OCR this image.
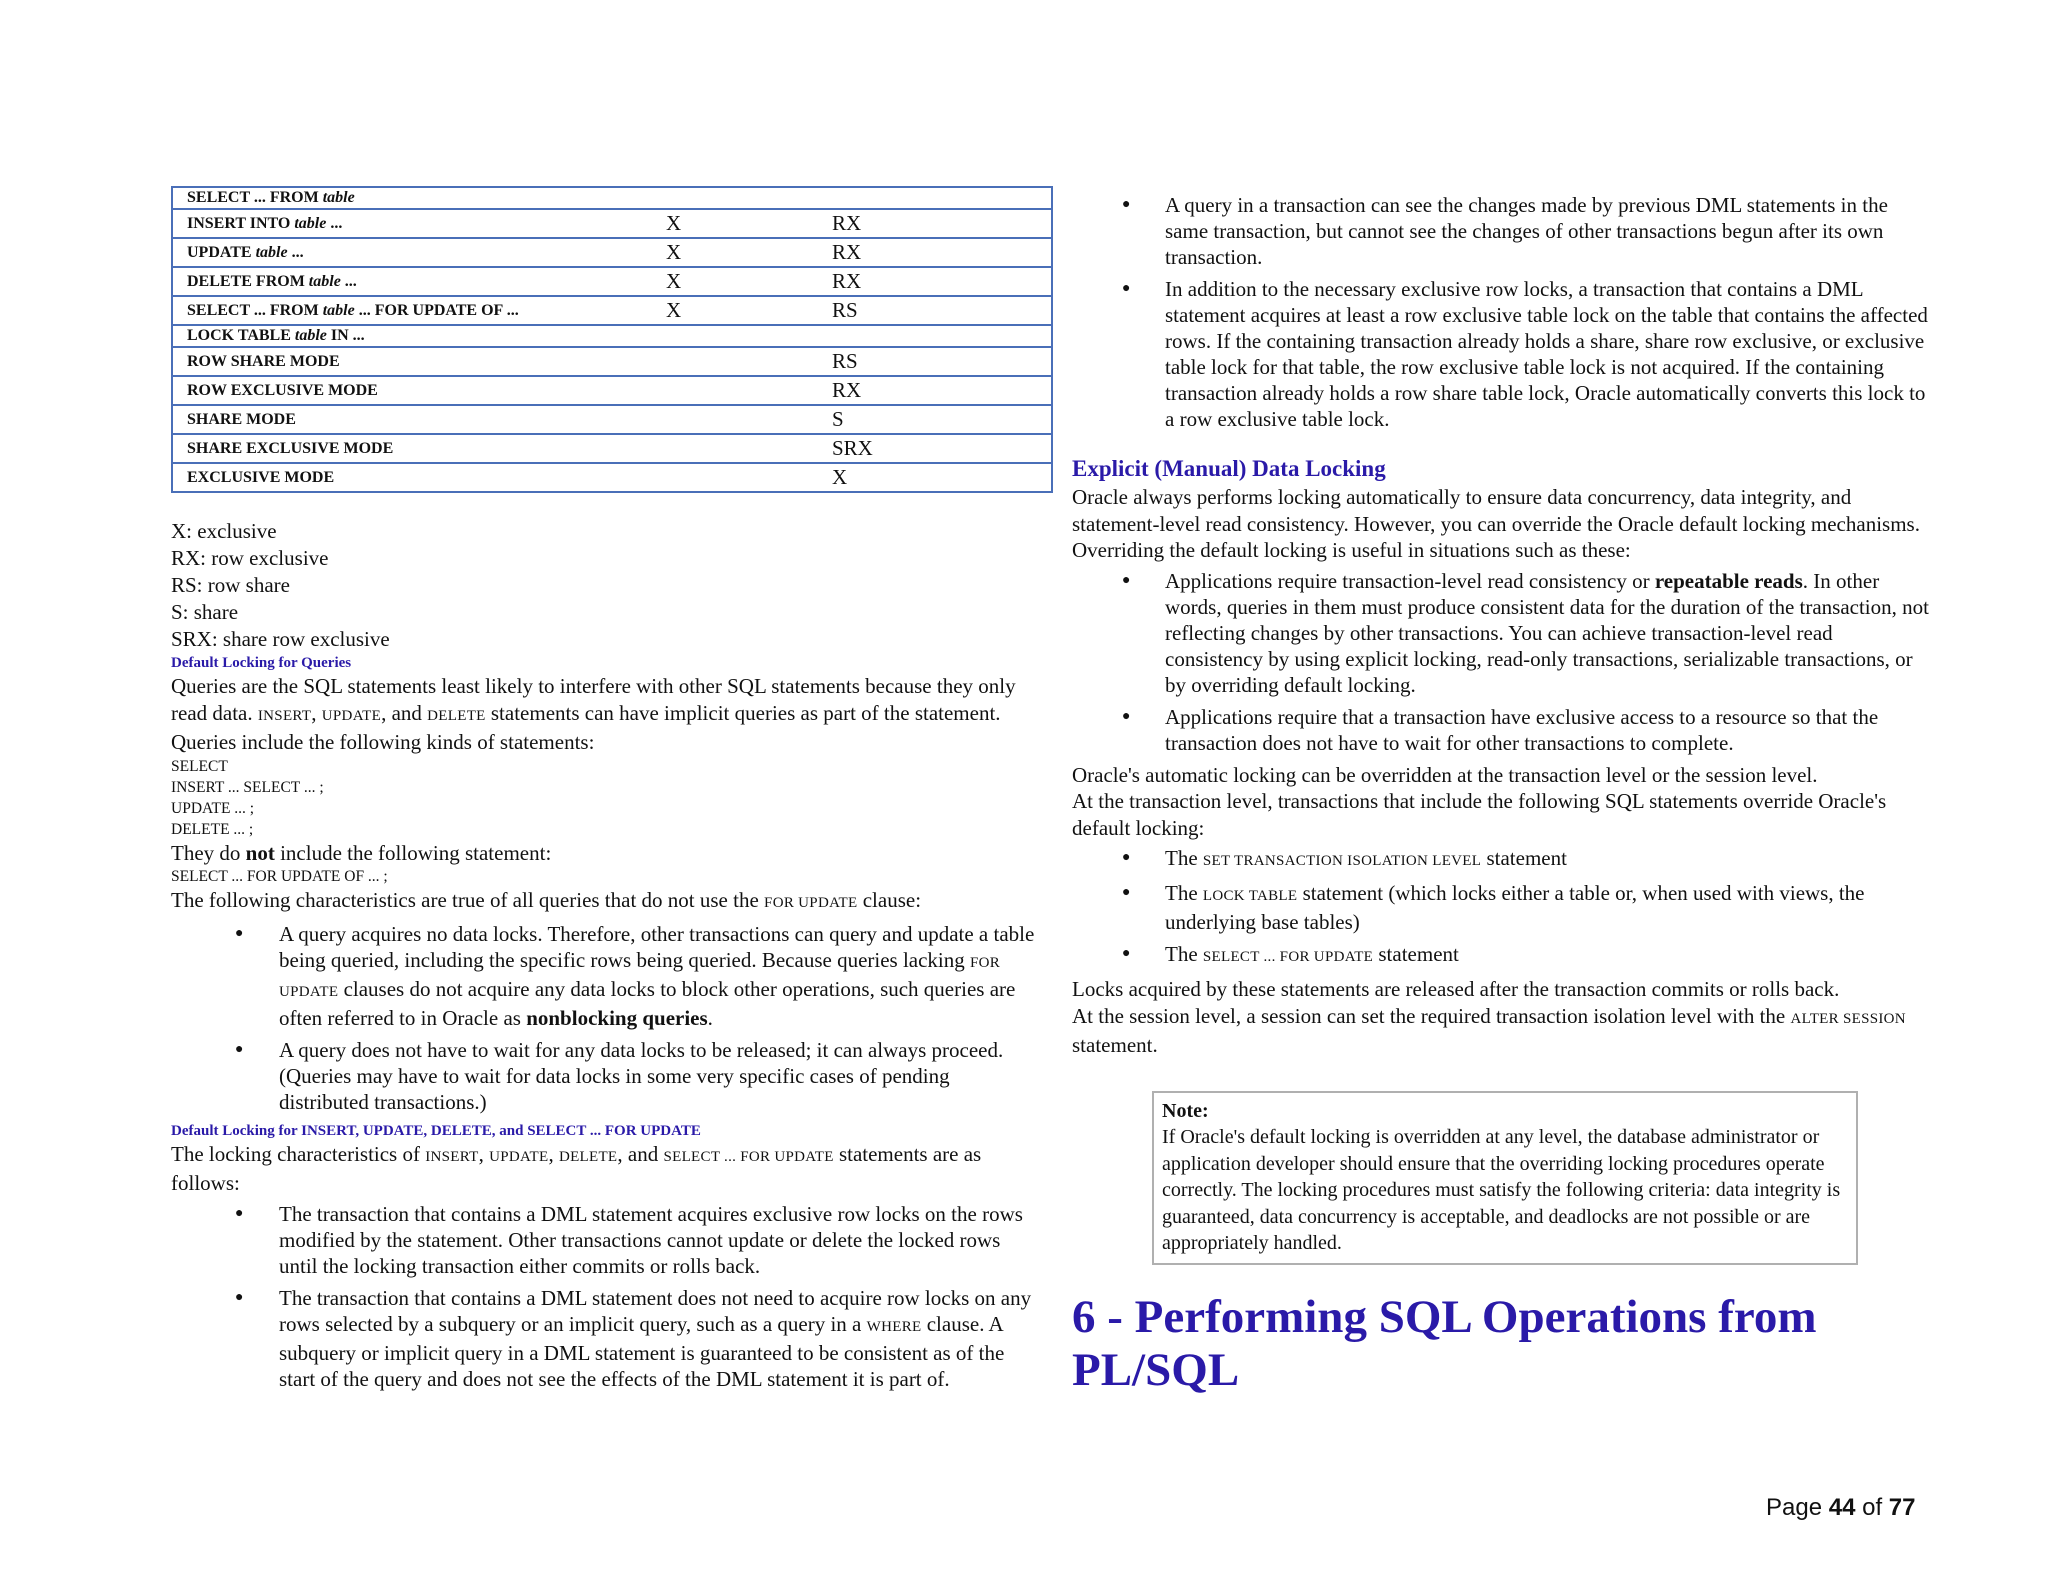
SELECT ... FROM table		
INSERT INTO table ...	X	RX
UPDATE table ...	X	RX
DELETE FROM table ...	X	RX
SELECT ... FROM table ... FOR UPDATE OF ...	X	RS
LOCK TABLE table IN ...		
ROW SHARE MODE		RS
ROW EXCLUSIVE MODE		RX
SHARE MODE		S
SHARE EXCLUSIVE MODE		SRX
EXCLUSIVE MODE		X
X: exclusive
RX: row exclusive
RS: row share
S: share
SRX: share row exclusive
Default Locking for Queries

Queries are the SQL statements least likely to interfere with other SQL statements because they only read data. INSERT, UPDATE, and DELETE statements can have implicit queries as part of the statement. Queries include the following kinds of statements:

SELECT
INSERT ... SELECT ... ;
UPDATE ... ;
DELETE ... ;

They do not include the following statement:

SELECT ... FOR UPDATE OF ... ;

The following characteristics are true of all queries that do not use the FOR UPDATE clause:

● A query acquires no data locks. Therefore, other transactions can query and update a table being queried, including the specific rows being queried. Because queries lacking FOR UPDATE clauses do not acquire any data locks to block other operations, such queries are often referred to in Oracle as nonblocking queries.
● A query does not have to wait for any data locks to be released; it can always proceed. (Queries may have to wait for data locks in some very specific cases of pending distributed transactions.)
Default Locking for INSERT, UPDATE, DELETE, and SELECT ... FOR UPDATE

The locking characteristics of INSERT, UPDATE, DELETE, and SELECT ... FOR UPDATE statements are as follows:

● The transaction that contains a DML statement acquires exclusive row locks on the rows modified by the statement. Other transactions cannot update or delete the locked rows until the locking transaction either commits or rolls back.
● The transaction that contains a DML statement does not need to acquire row locks on any rows selected by a subquery or an implicit query, such as a query in a WHERE clause. A subquery or implicit query in a DML statement is guaranteed to be consistent as of the start of the query and does not see the effects of the DML statement it is part of.
● A query in a transaction can see the changes made by previous DML statements in the same transaction, but cannot see the changes of other transactions begun after its own transaction.
● In addition to the necessary exclusive row locks, a transaction that contains a DML statement acquires at least a row exclusive table lock on the table that contains the affected rows. If the containing transaction already holds a share, share row exclusive, or exclusive table lock for that table, the row exclusive table lock is not acquired. If the containing transaction already holds a row share table lock, Oracle automatically converts this lock to a row exclusive table lock.
Explicit (Manual) Data Locking

Oracle always performs locking automatically to ensure data concurrency, data integrity, and statement-level read consistency. However, you can override the Oracle default locking mechanisms. Overriding the default locking is useful in situations such as these:

● Applications require transaction-level read consistency or repeatable reads. In other words, queries in them must produce consistent data for the duration of the transaction, not reflecting changes by other transactions. You can achieve transaction-level read consistency by using explicit locking, read-only transactions, serializable transactions, or by overriding default locking.
● Applications require that a transaction have exclusive access to a resource so that the transaction does not have to wait for other transactions to complete.

Oracle's automatic locking can be overridden at the transaction level or the session level.

At the transaction level, transactions that include the following SQL statements override Oracle's default locking:

● The SET TRANSACTION ISOLATION LEVEL statement
● The LOCK TABLE statement (which locks either a table or, when used with views, the underlying base tables)
● The SELECT ... FOR UPDATE statement

Locks acquired by these statements are released after the transaction commits or rolls back.

At the session level, a session can set the required transaction isolation level with the ALTER SESSION statement.

Note:
If Oracle's default locking is overridden at any level, the database administrator or application developer should ensure that the overriding locking procedures operate correctly. The locking procedures must satisfy the following criteria: data integrity is guaranteed, data concurrency is acceptable, and deadlocks are not possible or are appropriately handled.
6 - Performing SQL Operations from PL/SQL
Page 44 of 77
